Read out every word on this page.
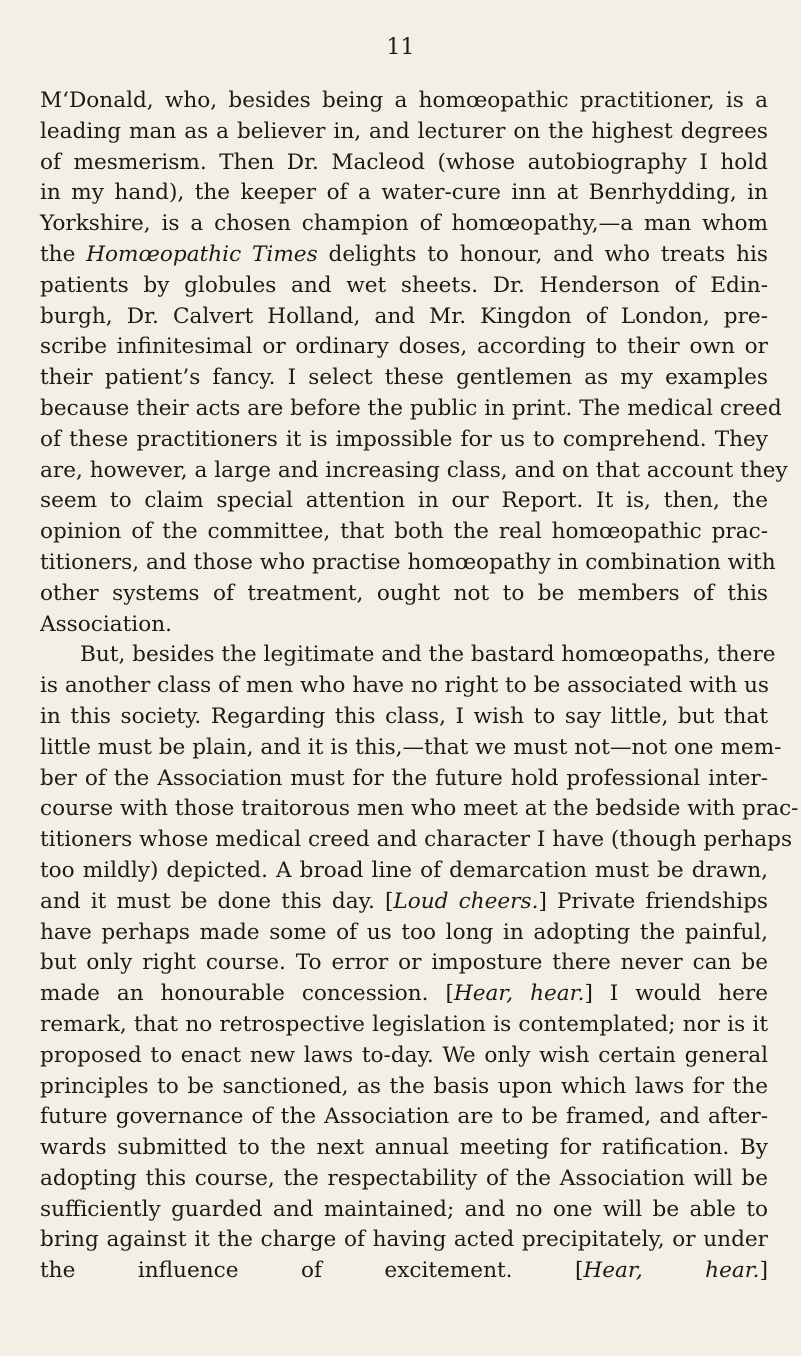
11
M‘Donald, who, besides being a homœopathic practitioner, is a
leading man as a believer in, and lecturer on the highest degrees
of mesmerism. Then Dr. Macleod (whose autobiography I hold
in my hand), the keeper of a water-cure inn at Benrhydding, in
Yorkshire, is a chosen champion of homœopathy,—a man whom
the Homœopathic Times delights to honour, and who treats his
patients by globules and wet sheets. Dr. Henderson of Edin-
burgh, Dr. Calvert Holland, and Mr. Kingdon of London, pre-
scribe infinitesimal or ordinary doses, according to their own or
their patient’s fancy. I select these gentlemen as my examples
because their acts are before the public in print. The medical creed
of these practitioners it is impossible for us to comprehend. They
are, however, a large and increasing class, and on that account they
seem to claim special attention in our Report. It is, then, the
opinion of the committee, that both the real homœopathic prac-
titioners, and those who practise homœopathy in combination with
other systems of treatment, ought not to be members of this
Association.
But, besides the legitimate and the bastard homœopaths, there
is another class of men who have no right to be associated with us
in this society. Regarding this class, I wish to say little, but that
little must be plain, and it is this,—that we must not—not one mem-
ber of the Association must for the future hold professional inter-
course with those traitorous men who meet at the bedside with prac-
titioners whose medical creed and character I have (though perhaps
too mildly) depicted. A broad line of demarcation must be drawn,
and it must be done this day. [Loud cheers.] Private friendships
have perhaps made some of us too long in adopting the painful,
but only right course. To error or imposture there never can be
made an honourable concession. [Hear, hear.] I would here
remark, that no retrospective legislation is contemplated; nor is it
proposed to enact new laws to-day. We only wish certain general
principles to be sanctioned, as the basis upon which laws for the
future governance of the Association are to be framed, and after-
wards submitted to the next annual meeting for ratification. By
adopting this course, the respectability of the Association will be
sufficiently guarded and maintained; and no one will be able to
bring against it the charge of having acted precipitately, or under
the influence of excitement. [Hear, hear.]
